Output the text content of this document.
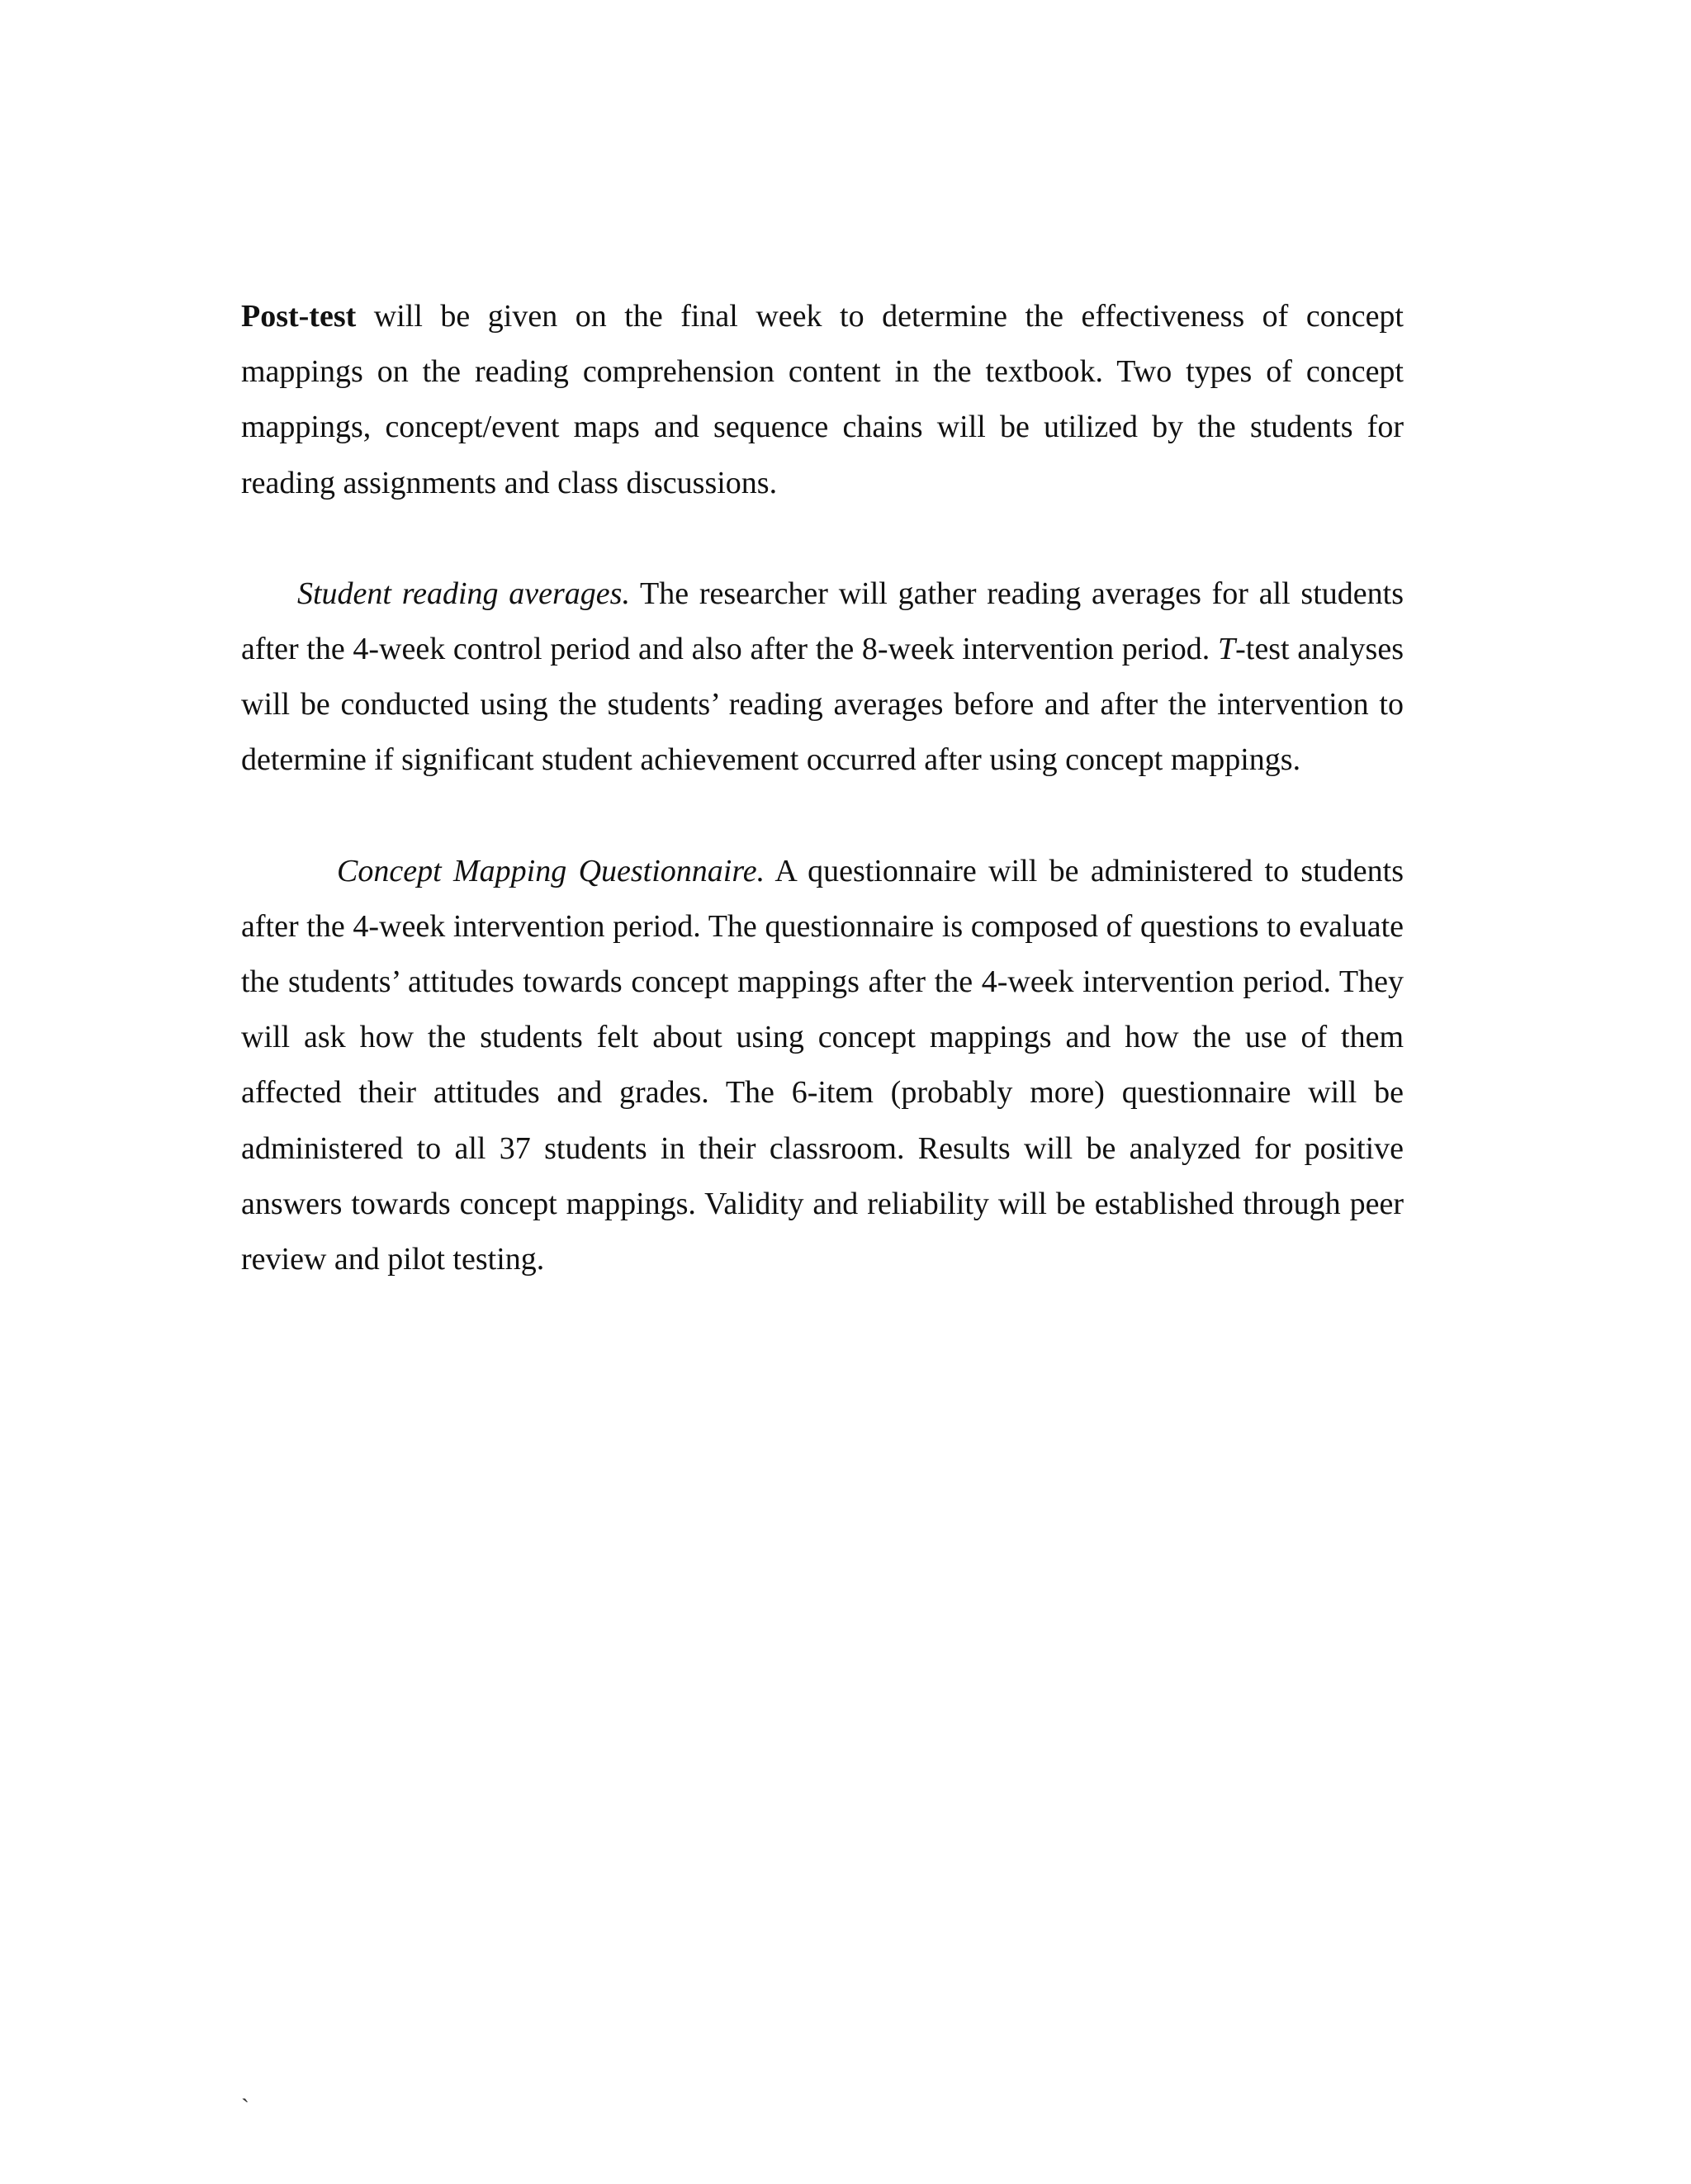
Post-test will be given on the final week to determine the effectiveness of concept mappings on the reading comprehension content in the textbook. Two types of concept mappings, concept/event maps and sequence chains will be utilized by the students for reading assignments and class discussions.

Student reading averages. The researcher will gather reading averages for all students after the 4-week control period and also after the 8-week intervention period. T-test analyses will be conducted using the students’ reading averages before and after the intervention to determine if significant student achievement occurred after using concept mappings.

Concept Mapping Questionnaire. A questionnaire will be administered to students after the 4-week intervention period. The questionnaire is composed of questions to evaluate the students’ attitudes towards concept mappings after the 4-week intervention period. They will ask how the students felt about using concept mappings and how the use of them affected their attitudes and grades. The 6-item (probably more) questionnaire will be administered to all 37 students in their classroom. Results will be analyzed for positive answers towards concept mappings. Validity and reliability will be established through peer review and pilot testing.

`
